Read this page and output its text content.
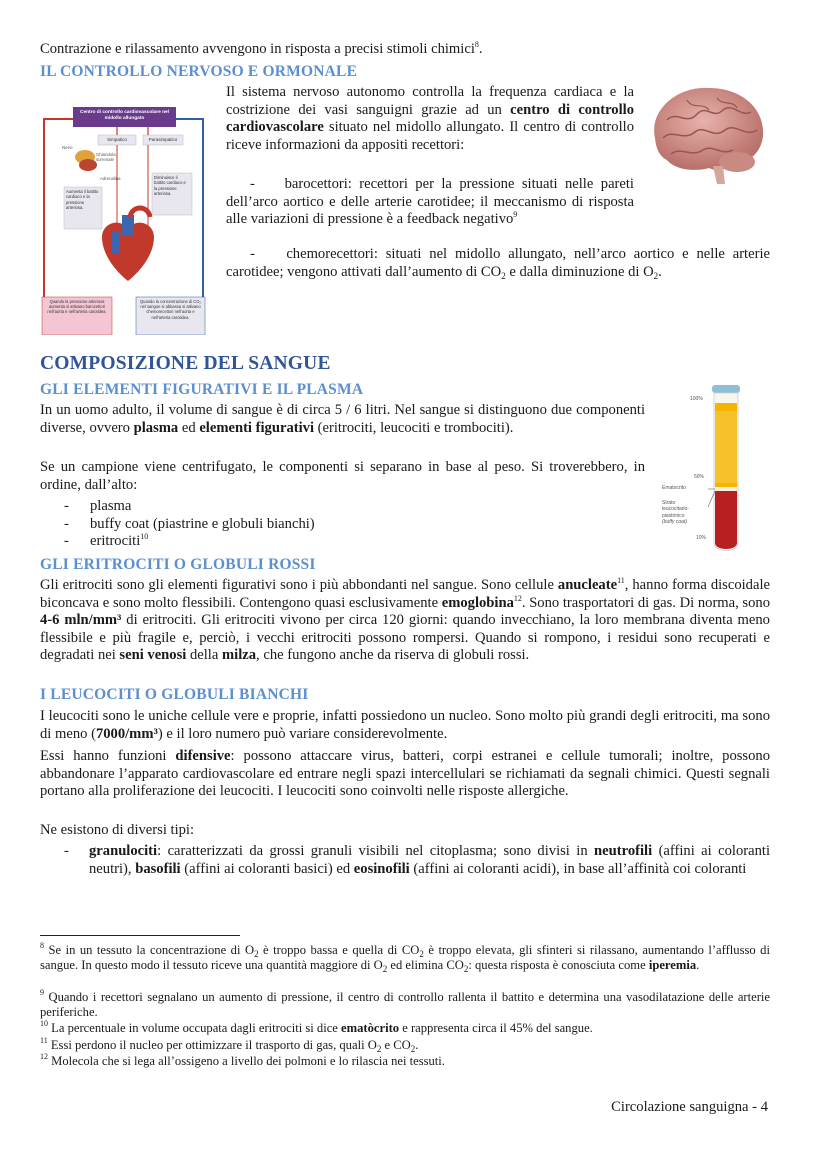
Contrazione e rilassamento avvengono in risposta a precisi stimoli chimici$^8$.
IL CONTROLLO NERVOSO E ORMONALE
Centro di controllo cardiovascolare nel midollo allungato
Simpatico	Parasimpatico
Nervi
Ghiandola surrenale
Adrenalina
Aumenta il battito cardiaco e la pressione arteriosa.
Diminuisce il battito cardiaco e la pressione arteriosa.
Quando la pressione arteriosa aumenta si attivano barocettori nell’aorta e nell’arteria carotidea.
Quando la concentrazione di CO₂ nel sangue si abbassa si attivano chemorecettori nell’aorta e nell’arteria carotidea.
Il sistema nervoso autonomo controlla la frequenza cardiaca e la costrizione dei vasi sanguigni grazie ad un centro di controllo cardiovascolare situato nel midollo allungato. Il centro di controllo riceve informazioni da appositi recettori:
-    barocettori: recettori per la pressione situati nelle pareti dell’arco aortico e delle arterie carotidee; il meccanismo di risposta alle variazioni di pressione è a feedback negativo$^9$
-    chemorecettori: situati nel midollo allungato, nell’arco aortico e nelle arterie carotidee; vengono attivati dall’aumento di $CO_2$ e dalla diminuzione di $O_2$.
COMPOSIZIONE DEL SANGUE
GLI ELEMENTI FIGURATIVI E IL PLASMA
In un uomo adulto, il volume di sangue è di circa 5 / 6 litri. Nel sangue si distinguono due componenti diverse, ovvero plasma ed elementi figurativi (eritrociti, leucociti e trombociti).
Se un campione viene centrifugato, le componenti si separano in base al peso. Si troverebbero, in ordine, dall’alto:
- plasma
- buffy coat (piastrine e globuli bianchi)
- eritrociti$^{10}$
100%
50%
10%
Ematocrito
Strato
leucocitario-
piastrinico
(buffy coat)
GLI ERITROCITI O GLOBULI ROSSI
Gli eritrociti sono gli elementi figurativi sono i più abbondanti nel sangue. Sono cellule anucleate$^{11}$, hanno forma discoidale biconcava e sono molto flessibili. Contengono quasi esclusivamente emoglobina$^{12}$. Sono trasportatori di gas. Di norma, sono 4-6 mln/mm³ di eritrociti. Gli eritrociti vivono per circa 120 giorni: quando invecchiano, la loro membrana diventa meno flessibile e più fragile e, perciò, i vecchi eritrociti possono rompersi. Quando si rompono, i residui sono recuperati e degradati nei seni venosi della milza, che fungono anche da riserva di globuli rossi.
I LEUCOCITI O GLOBULI BIANCHI
I leucociti sono le uniche cellule vere e proprie, infatti possiedono un nucleo. Sono molto più grandi degli eritrociti, ma sono di meno (7000/mm³) e il loro numero può variare considerevolmente.
Essi hanno funzioni difensive: possono attaccare virus, batteri, corpi estranei e cellule tumorali; inoltre, possono abbandonare l’apparato cardiovascolare ed entrare negli spazi intercellulari se richiamati da segnali chimici. Questi segnali portano alla proliferazione dei leucociti. I leucociti sono coinvolti nelle risposte allergiche.
Ne esistono di diversi tipi:
- granulociti: caratterizzati da grossi granuli visibili nel citoplasma; sono divisi in neutrofili (affini ai coloranti neutri), basofili (affini ai coloranti basici) ed eosinofili (affini ai coloranti acidi), in base all’affinità coi coloranti
$^8$ Se in un tessuto la concentrazione di $O_2$ è troppo bassa e quella di $CO_2$ è troppo elevata, gli sfinteri si rilassano, aumentando l’afflusso di sangue. In questo modo il tessuto riceve una quantità maggiore di $O_2$ ed elimina $CO_2$: questa risposta è conosciuta come iperemia.
$^9$ Quando i recettori segnalano un aumento di pressione, il centro di controllo rallenta il battito e determina una vasodilatazione delle arterie periferiche.
$^{10}$ La percentuale in volume occupata dagli eritrociti si dice ematòcrito e rappresenta circa il 45% del sangue.
$^{11}$ Essi perdono il nucleo per ottimizzare il trasporto di gas, quali $O_2$ e $CO_2$.
$^{12}$ Molecola che si lega all’ossigeno a livello dei polmoni e lo rilascia nei tessuti.
Circolazione sanguigna - 4
